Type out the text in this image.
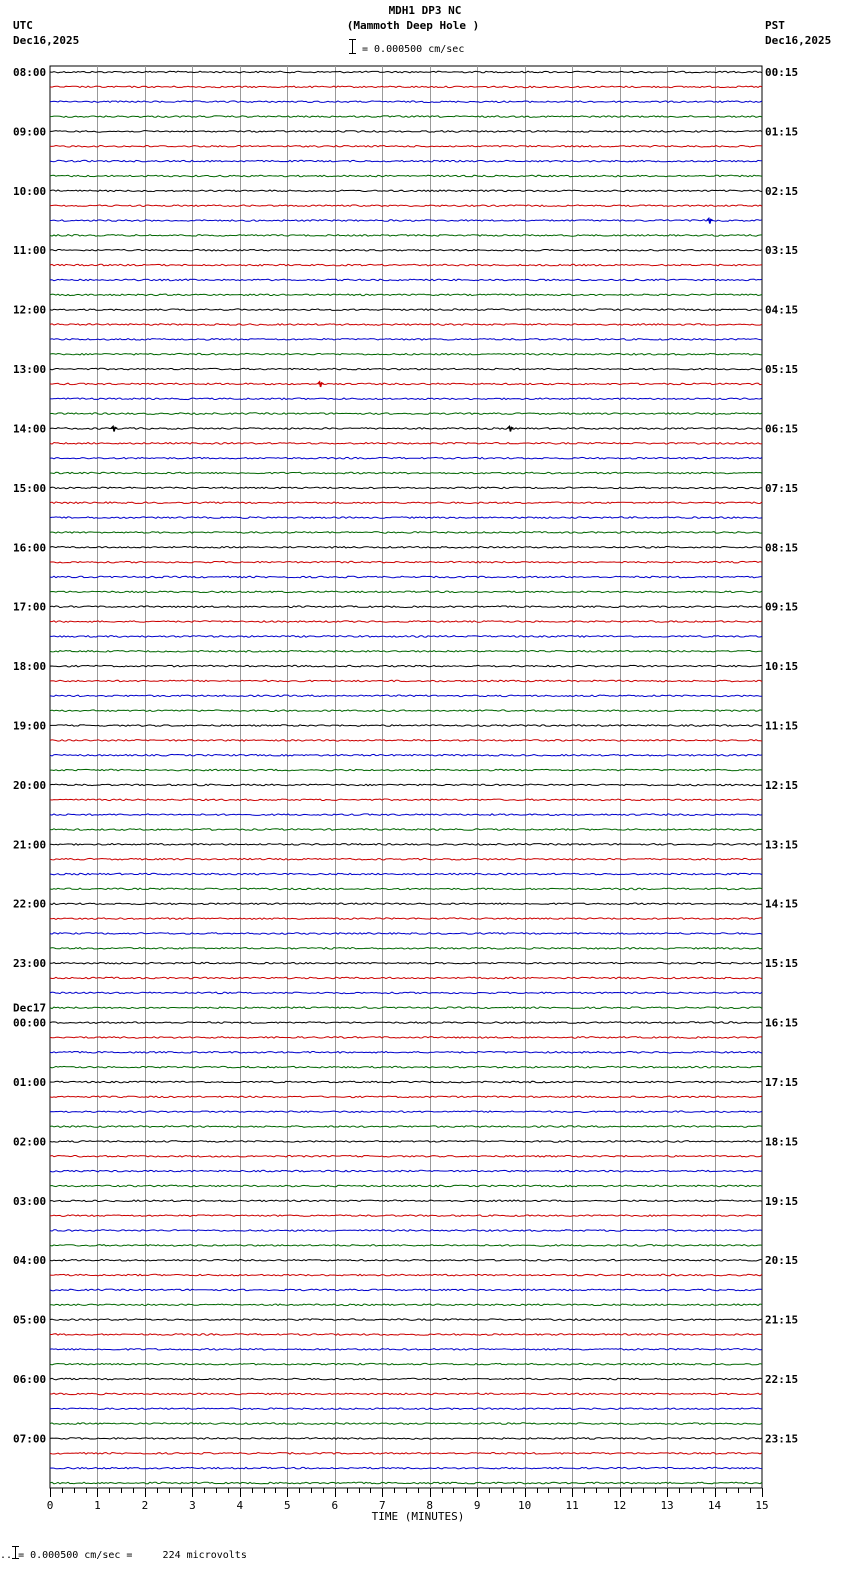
MDH1 DP3 NC
(Mammoth Deep Hole )
= 0.000500 cm/sec
UTC
Dec16,2025
PST
Dec16,2025
TIME (MINUTES)
.. = 0.000500 cm/sec =     224 microvolts
0	1	2	3	4	5	6	7	8	9	10	11	12	13	14	15
08:00
09:00
10:00
11:00
12:00
13:00
14:00
15:00
16:00
17:00
18:00
19:00
20:00
21:00
22:00
23:00
Dec17
00:00
01:00
02:00
03:00
04:00
05:00
06:00
07:00
00:15
01:15
02:15
03:15
04:15
05:15
06:15
07:15
08:15
09:15
10:15
11:15
12:15
13:15
14:15
15:15
16:15
17:15
18:15
19:15
20:15
21:15
22:15
23:15
